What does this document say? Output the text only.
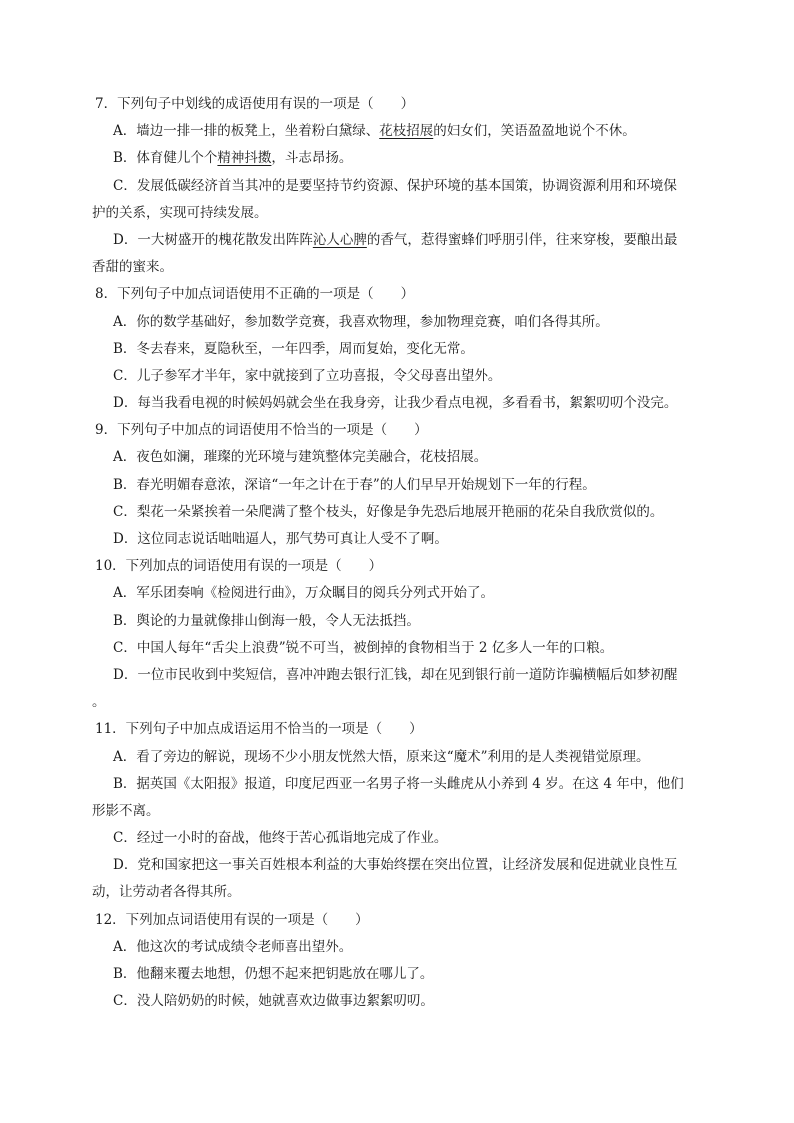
7．下列句子中划线的成语使用有误的一项是（　　）
A．墙边一排一排的板凳上，坐着粉白黛绿、花枝招展的妇女们，笑语盈盈地说个不休。
B．体育健儿个个精神抖擞，斗志昂扬。
C．发展低碳经济首当其冲的是要坚持节约资源、保护环境的基本国策，协调资源利用和环境保
护的关系，实现可持续发展。
D．一大树盛开的槐花散发出阵阵沁人心脾的香气，惹得蜜蜂们呼朋引伴，往来穿梭，要酿出最
香甜的蜜来。
8．下列句子中加点词语使用不正确的一项是（　　）
A．你的数学基础好，参加数学竞赛，我喜欢物理，参加物理竞赛，咱们各得其所。
B．冬去春来，夏隐秋至，一年四季，周而复始，变化无常。
C．儿子参军才半年，家中就接到了立功喜报，令父母喜出望外。
D．每当我看电视的时候妈妈就会坐在我身旁，让我少看点电视，多看看书，絮絮叨叨个没完。
9．下列句子中加点的词语使用不恰当的一项是（　　）
A．夜色如澜，璀璨的光环境与建筑整体完美融合，花枝招展。
B．春光明媚春意浓，深谙“一年之计在于春”的人们早早开始规划下一年的行程。
C．梨花一朵紧挨着一朵爬满了整个枝头，好像是争先恐后地展开艳丽的花朵自我欣赏似的。
D．这位同志说话咄咄逼人，那气势可真让人受不了啊。
10．下列加点的词语使用有误的一项是（　　）
A．军乐团奏响《检阅进行曲》，万众瞩目的阅兵分列式开始了。
B．舆论的力量就像排山倒海一般，令人无法抵挡。
C．中国人每年“舌尖上浪费”锐不可当，被倒掉的食物相当于 2 亿多人一年的口粮。
D．一位市民收到中奖短信，喜冲冲跑去银行汇钱，却在见到银行前一道防诈骗横幅后如梦初醒
。
11．下列句子中加点成语运用不恰当的一项是（　　）
A．看了旁边的解说，现场不少小朋友恍然大悟，原来这“魔术”利用的是人类视错觉原理。
B．据英国《太阳报》报道，印度尼西亚一名男子将一头雌虎从小养到 4 岁。在这 4 年中，他们
形影不离。
C．经过一小时的奋战，他终于苦心孤诣地完成了作业。
D．党和国家把这一事关百姓根本利益的大事始终摆在突出位置，让经济发展和促进就业良性互
动，让劳动者各得其所。
12．下列加点词语使用有误的一项是（　　）
A．他这次的考试成绩令老师喜出望外。
B．他翻来覆去地想，仍想不起来把钥匙放在哪儿了。
C．没人陪奶奶的时候，她就喜欢边做事边絮絮叨叨。
